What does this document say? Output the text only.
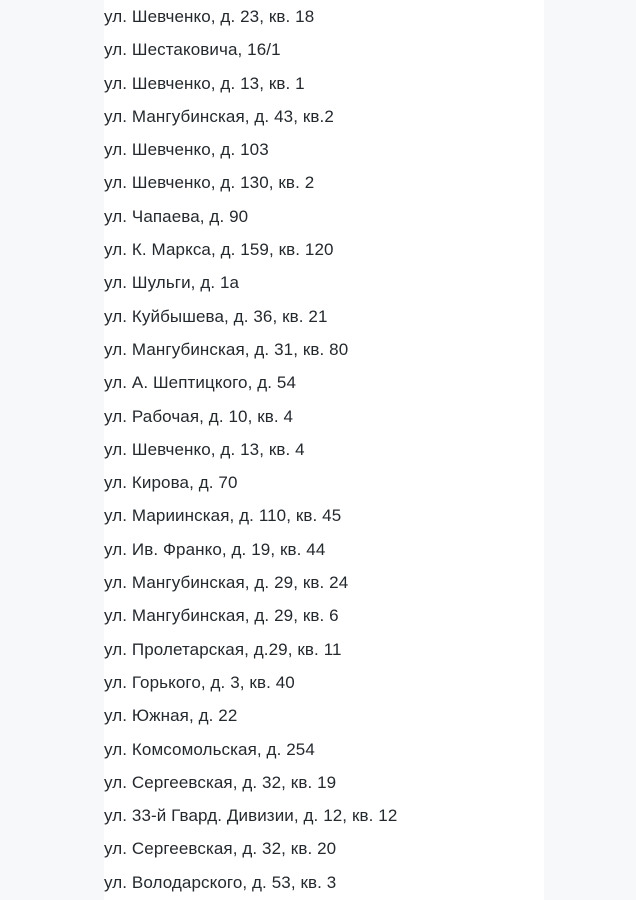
ул. Шевченко, д. 23, кв. 18
ул. Шестаковича, 16/1
ул. Шевченко, д. 13, кв. 1
ул. Мангубинская, д. 43, кв.2
ул. Шевченко, д. 103
ул. Шевченко, д. 130, кв. 2
ул. Чапаева, д. 90
ул. К. Маркса, д. 159, кв. 120
ул. Шульги, д. 1а
ул. Куйбышева, д. 36, кв. 21
ул. Мангубинская, д. 31, кв. 80
ул. А. Шептицкого, д. 54
ул. Рабочая, д. 10, кв. 4
ул. Шевченко, д. 13, кв. 4
ул. Кирова, д. 70
ул. Мариинская, д. 110, кв. 45
ул. Ив. Франко, д. 19, кв. 44
ул. Мангубинская, д. 29, кв. 24
ул. Мангубинская, д. 29, кв. 6
ул. Пролетарская, д.29, кв. 11
ул. Горького, д. 3, кв. 40
ул. Южная, д. 22
ул. Комсомольская, д. 254
ул. Сергеевская, д. 32, кв. 19
ул. 33-й Гвард. Дивизии, д. 12, кв. 12
ул. Сергеевская, д. 32, кв. 20
ул. Володарского, д. 53, кв. 3
